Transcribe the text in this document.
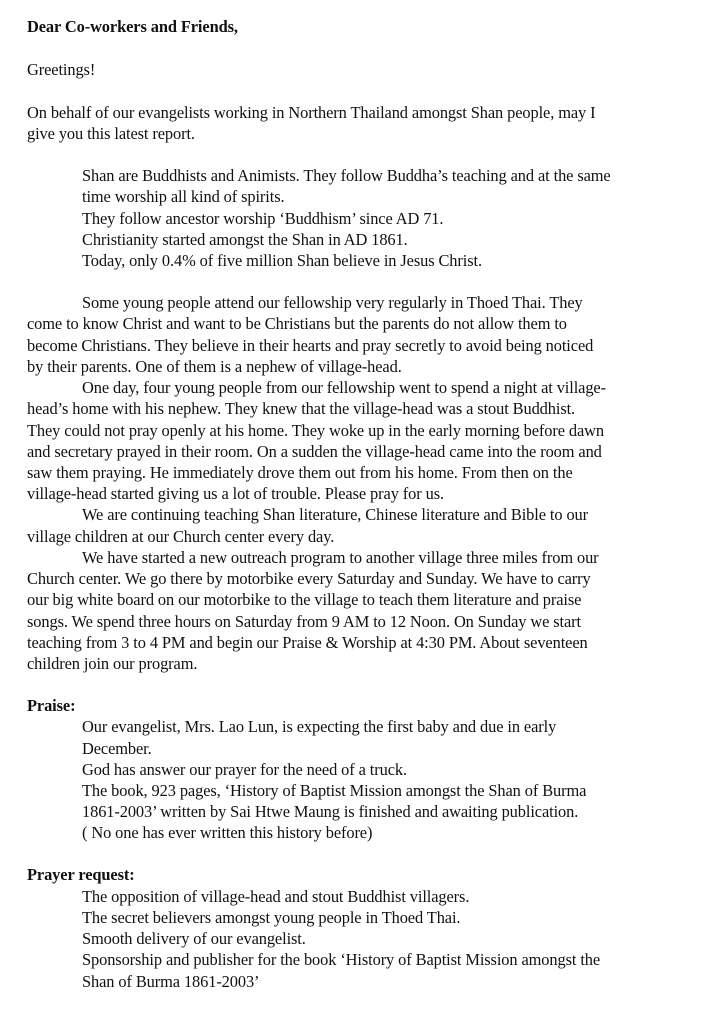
Dear Co-workers and Friends,
Greetings!
On behalf of our evangelists working in Northern Thailand amongst Shan people, may I
give you this latest report.
Shan are Buddhists and Animists. They follow Buddha’s teaching and at the same
time worship all kind of spirits.
They follow ancestor worship ‘Buddhism’ since AD 71.
Christianity started amongst the Shan in AD 1861.
Today, only 0.4% of five million Shan believe in Jesus Christ.
Some young people attend our fellowship very regularly in Thoed Thai. They
come to know Christ and want to be Christians but the parents do not allow them to
become Christians. They believe in their hearts and pray secretly to avoid being noticed
by their parents. One of them is a nephew of village-head.
One day, four young people from our fellowship went to spend a night at village-
head’s home with his nephew. They knew that the village-head was a stout Buddhist.
They could not pray openly at his home. They woke up in the early morning before dawn
and secretary prayed in their room. On a sudden the village-head came into the room and
saw them praying. He immediately drove them out from his home. From then on the
village-head started giving us a lot of trouble. Please pray for us.
We are continuing teaching Shan literature, Chinese literature and Bible to our
village children at our Church center every day.
We have started a new outreach program to another village three miles from our
Church center. We go there by motorbike every Saturday and Sunday. We have to carry
our big white board on our motorbike to the village to teach them literature and praise
songs. We spend three hours on Saturday from 9 AM to 12 Noon. On Sunday we start
teaching from 3 to 4 PM and begin our Praise & Worship at 4:30 PM. About seventeen
children join our program.
Praise:
Our evangelist, Mrs. Lao Lun, is expecting the first baby and due in early
December.
God has answer our prayer for the need of a truck.
The book, 923 pages, ‘History of Baptist Mission amongst the Shan of Burma
1861-2003’ written by Sai Htwe Maung is finished and awaiting publication.
( No one has ever written this history before)
Prayer request:
The opposition of village-head and stout Buddhist villagers.
The secret believers amongst young people in Thoed Thai.
Smooth delivery of our evangelist.
Sponsorship and publisher for the book ‘History of Baptist Mission amongst the
Shan of Burma 1861-2003’
